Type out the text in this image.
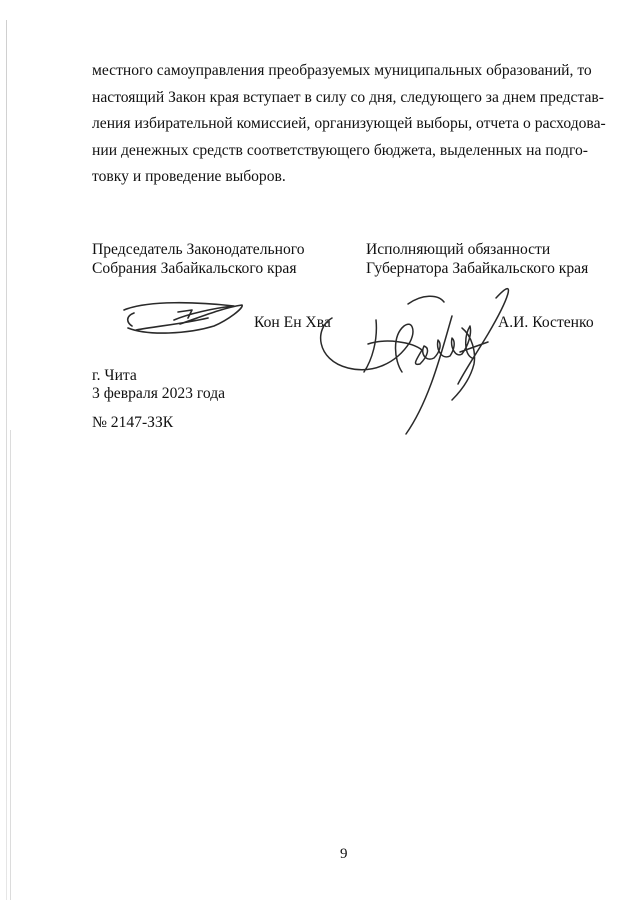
местного самоуправления преобразуемых муниципальных образований, то
настоящий Закон края вступает в силу со дня, следующего за днем представ-
ления избирательной комиссией, организующей выборы, отчета о расходова-
нии денежных средств соответствующего бюджета, выделенных на подго-
товку и проведение выборов.
Председатель Законодательного
Собрания Забайкальского края
Исполняющий обязанности
Губернатора Забайкальского края
Кон Ен Хва	А.И. Костенко
г. Чита
3 февраля 2023 года
№ 2147-ЗЗК
9
